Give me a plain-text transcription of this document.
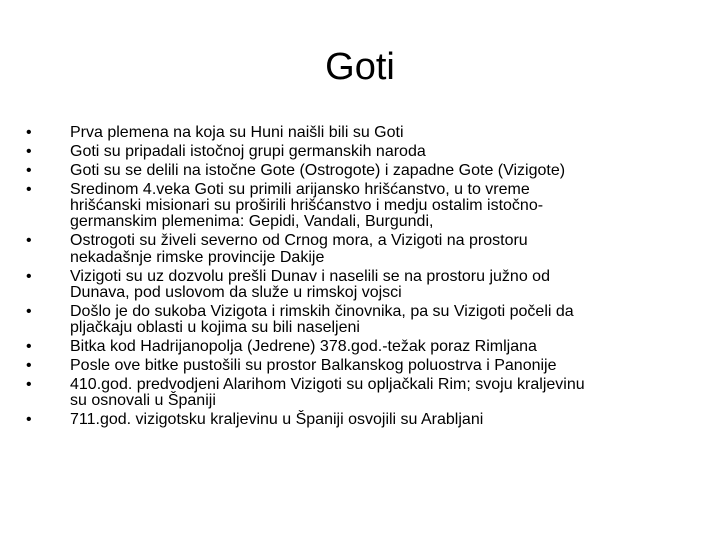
Goti
•	Prva plemena na koja su Huni naišli bili su Goti
•	Goti su pripadali istočnoj grupi germanskih naroda
•	Goti su se delili na istočne Gote (Ostrogote) i zapadne Gote (Vizigote)
•	Sredinom 4.veka Goti su primili arijansko hrišćanstvo, u to vreme
hrišćanski misionari su proširili hrišćanstvo i medju ostalim istočno-
germanskim plemenima: Gepidi, Vandali, Burgundi,
•	Ostrogoti su živeli severno od Crnog mora, a Vizigoti na prostoru
nekadašnje rimske provincije Dakije
•	Vizigoti su uz dozvolu prešli Dunav i naselili se na prostoru južno od
Dunava, pod uslovom da služe u rimskoj vojsci
•	Došlo je do sukoba Vizigota i rimskih činovnika, pa su Vizigoti počeli da
pljačkaju oblasti u kojima su bili naseljeni
•	Bitka kod Hadrijanopolja (Jedrene) 378.god.-težak poraz Rimljana
•	Posle ove bitke pustošili su prostor Balkanskog poluostrva i Panonije
•	410.god. predvodjeni Alarihom Vizigoti su opljačkali Rim; svoju kraljevinu
su osnovali u Španiji
•	711.god. vizigotsku kraljevinu u Španiji osvojili su Arabljani
